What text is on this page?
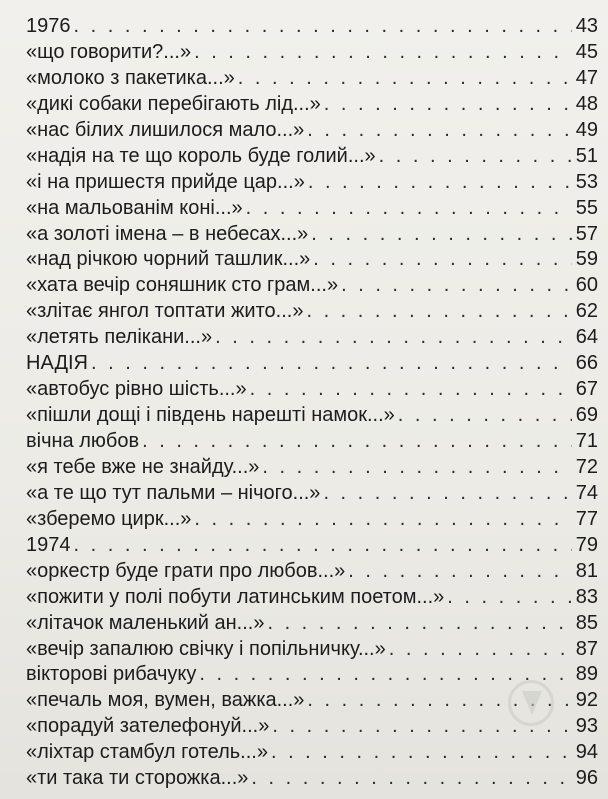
1976 . . .	43
«що говорити?...» . . .	45
«молоко з пакетика...» . . .	47
«дикі собаки перебігають лід...» . . .	48
«нас білих лишилося мало...» . . .	49
«надія на те що король буде голий...» . . .	51
«і на пришестя прийде цар...» . . .	53
«на мальованім коні...» . . .	55
«а золоті імена – в небесах...» . . .	57
«над річкою чорний ташлик...» . . .	59
«хата вечір соняшник сто грам...» . . .	60
«злітає янгол топтати жито...» . . .	62
«летять пелікани...» . . .	64
НАДІЯ . . .	66
«автобус рівно шість...» . . .	67
«пішли дощі і південь нарешті намок...» . . .	69
вічна любов . . .	71
«я тебе вже не знайду...» . . .	72
«а те що тут пальми – нічого...» . . .	74
«зберемо цирк...» . . .	77
1974 . . .	79
«оркестр буде грати про любов...» . . .	81
«пожити у полі побути латинським поетом...» . . .	83
«літачок маленький ан...» . . .	85
«вечір запалюю свічку і попільничку...» . . .	87
вікторові рибачуку . . .	89
«печаль моя, вумен, важка...» . . .	92
«порадуй зателефонуй...» . . .	93
«ліхтар стамбул готель...» . . .	94
«ти така ти сторожка...» . . .	96
